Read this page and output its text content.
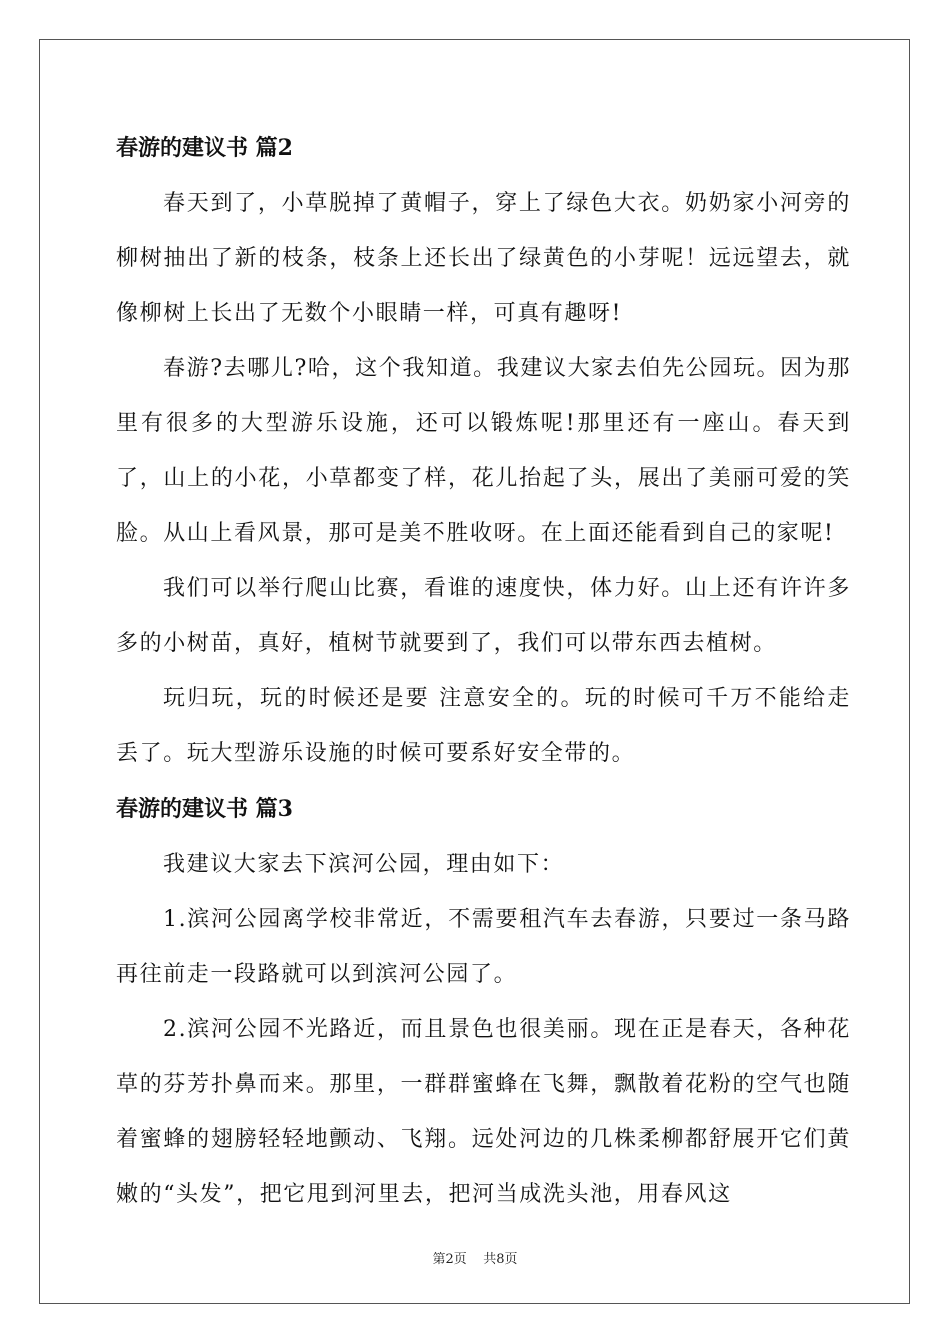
春游的建议书 篇2

春天到了，小草脱掉了黄帽子，穿上了绿色大衣。奶奶家小河旁的柳树抽出了新的枝条，枝条上还长出了绿黄色的小芽呢！远远望去，就像柳树上长出了无数个小眼睛一样，可真有趣呀!

春游?去哪儿?哈，这个我知道。我建议大家去伯先公园玩。因为那里有很多的大型游乐设施，还可以锻炼呢!那里还有一座山。春天到了，山上的小花，小草都变了样，花儿抬起了头，展出了美丽可爱的笑脸。从山上看风景，那可是美不胜收呀。在上面还能看到自己的家呢!

我们可以举行爬山比赛，看谁的速度快，体力好。山上还有许许多多的小树苗，真好，植树节就要到了，我们可以带东西去植树。

玩归玩，玩的时候还是要 注意安全的。玩的时候可千万不能给走丢了。玩大型游乐设施的时候可要系好安全带的。

春游的建议书 篇3

我建议大家去下滨河公园，理由如下：

1.滨河公园离学校非常近，不需要租汽车去春游，只要过一条马路再往前走一段路就可以到滨河公园了。

2.滨河公园不光路近，而且景色也很美丽。现在正是春天，各种花草的芬芳扑鼻而来。那里，一群群蜜蜂在飞舞，飘散着花粉的空气也随着蜜蜂的翅膀轻轻地颤动、飞翔。远处河边的几株柔柳都舒展开它们黄嫩的“头发”，把它甩到河里去，把河当成洗头池，用春风这

第2页    共8页
